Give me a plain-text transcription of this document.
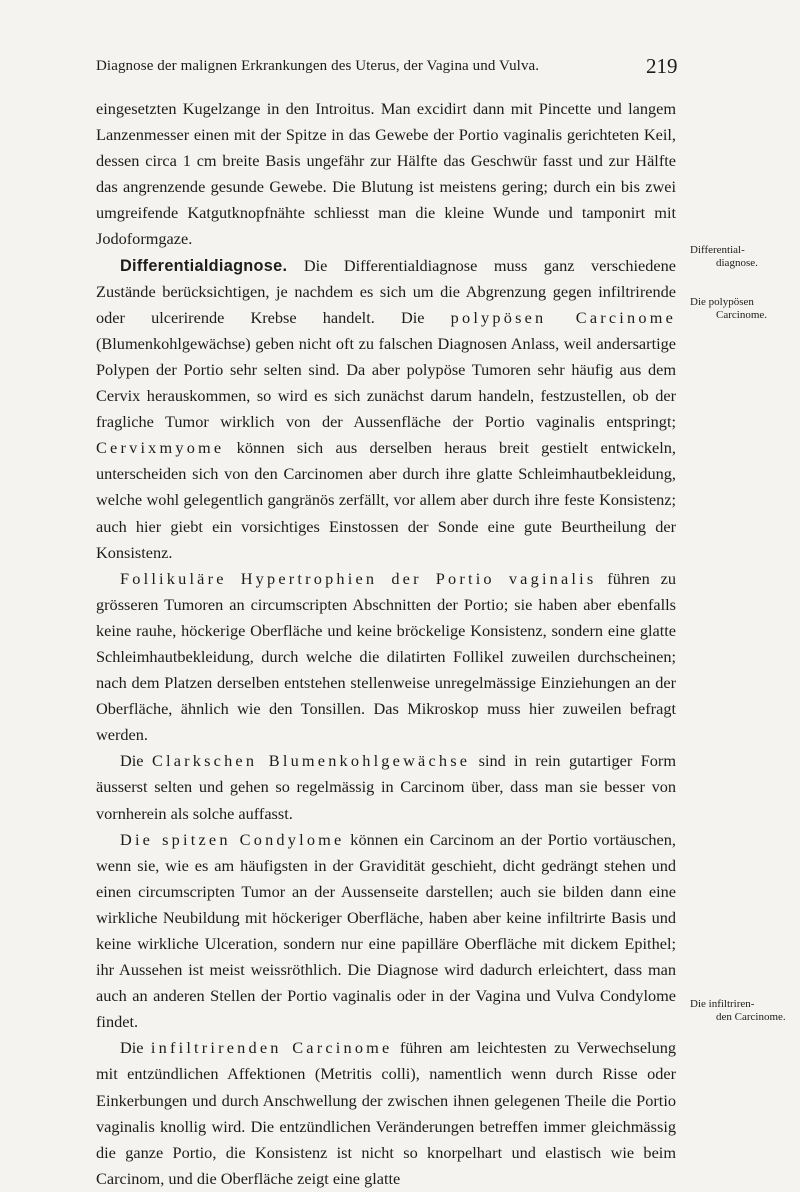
Diagnose der malignen Erkrankungen des Uterus, der Vagina und Vulva.	219

eingesetzten Kugelzange in den Introitus. Man excidirt dann mit Pincette und langem Lanzenmesser einen mit der Spitze in das Gewebe der Portio vaginalis gerichteten Keil, dessen circa 1 cm breite Basis ungefähr zur Hälfte das Geschwür fasst und zur Hälfte das angrenzende gesunde Gewebe. Die Blutung ist meistens gering; durch ein bis zwei umgreifende Katgutknopfnähte schliesst man die kleine Wunde und tamponirt mit Jodoformgaze.

Differentialdiagnose. Die Differentialdiagnose muss ganz verschiedene Zustände berücksichtigen, je nachdem es sich um die Abgrenzung gegen infiltrirende oder ulcerirende Krebse handelt. Die polypösen Carcinome (Blumenkohlgewächse) geben nicht oft zu falschen Diagnosen Anlass, weil andersartige Polypen der Portio sehr selten sind. Da aber polypöse Tumoren sehr häufig aus dem Cervix herauskommen, so wird es sich zunächst darum handeln, festzustellen, ob der fragliche Tumor wirklich von der Aussenfläche der Portio vaginalis entspringt; Cervixmyome können sich aus derselben heraus breit gestielt entwickeln, unterscheiden sich von den Carcinomen aber durch ihre glatte Schleimhautbekleidung, welche wohl gelegentlich gangränös zerfällt, vor allem aber durch ihre feste Konsistenz; auch hier giebt ein vorsichtiges Einstossen der Sonde eine gute Beurtheilung der Konsistenz.

Follikuläre Hypertrophien der Portio vaginalis führen zu grösseren Tumoren an circumscripten Abschnitten der Portio; sie haben aber ebenfalls keine rauhe, höckerige Oberfläche und keine bröckelige Konsistenz, sondern eine glatte Schleimhautbekleidung, durch welche die dilatirten Follikel zuweilen durchscheinen; nach dem Platzen derselben entstehen stellenweise unregelmässige Einziehungen an der Oberfläche, ähnlich wie den Tonsillen. Das Mikroskop muss hier zuweilen befragt werden.

Die Clarkschen Blumenkohlgewächse sind in rein gutartiger Form äusserst selten und gehen so regelmässig in Carcinom über, dass man sie besser von vornherein als solche auffasst.

Die spitzen Condylome können ein Carcinom an der Portio vortäuschen, wenn sie, wie es am häufigsten in der Gravidität geschieht, dicht gedrängt stehen und einen circumscripten Tumor an der Aussenseite darstellen; auch sie bilden dann eine wirkliche Neubildung mit höckeriger Oberfläche, haben aber keine infiltrirte Basis und keine wirkliche Ulceration, sondern nur eine papilläre Oberfläche mit dickem Epithel; ihr Aussehen ist meist weissröthlich. Die Diagnose wird dadurch erleichtert, dass man auch an anderen Stellen der Portio vaginalis oder in der Vagina und Vulva Condylome findet.

Die infiltrirenden Carcinome führen am leichtesten zu Verwechselung mit entzündlichen Affektionen (Metritis colli), namentlich wenn durch Risse oder Einkerbungen und durch Anschwellung der zwischen ihnen gelegenen Theile die Portio vaginalis knollig wird. Die entzündlichen Veränderungen betreffen immer gleichmässig die ganze Portio, die Konsistenz ist nicht so knorpelhart und elastisch wie beim Carcinom, und die Oberfläche zeigt eine glatte

Differential-
diagnose.
Die polypösen
Carcinome.
Die infiltriren-
den Carcinome.
